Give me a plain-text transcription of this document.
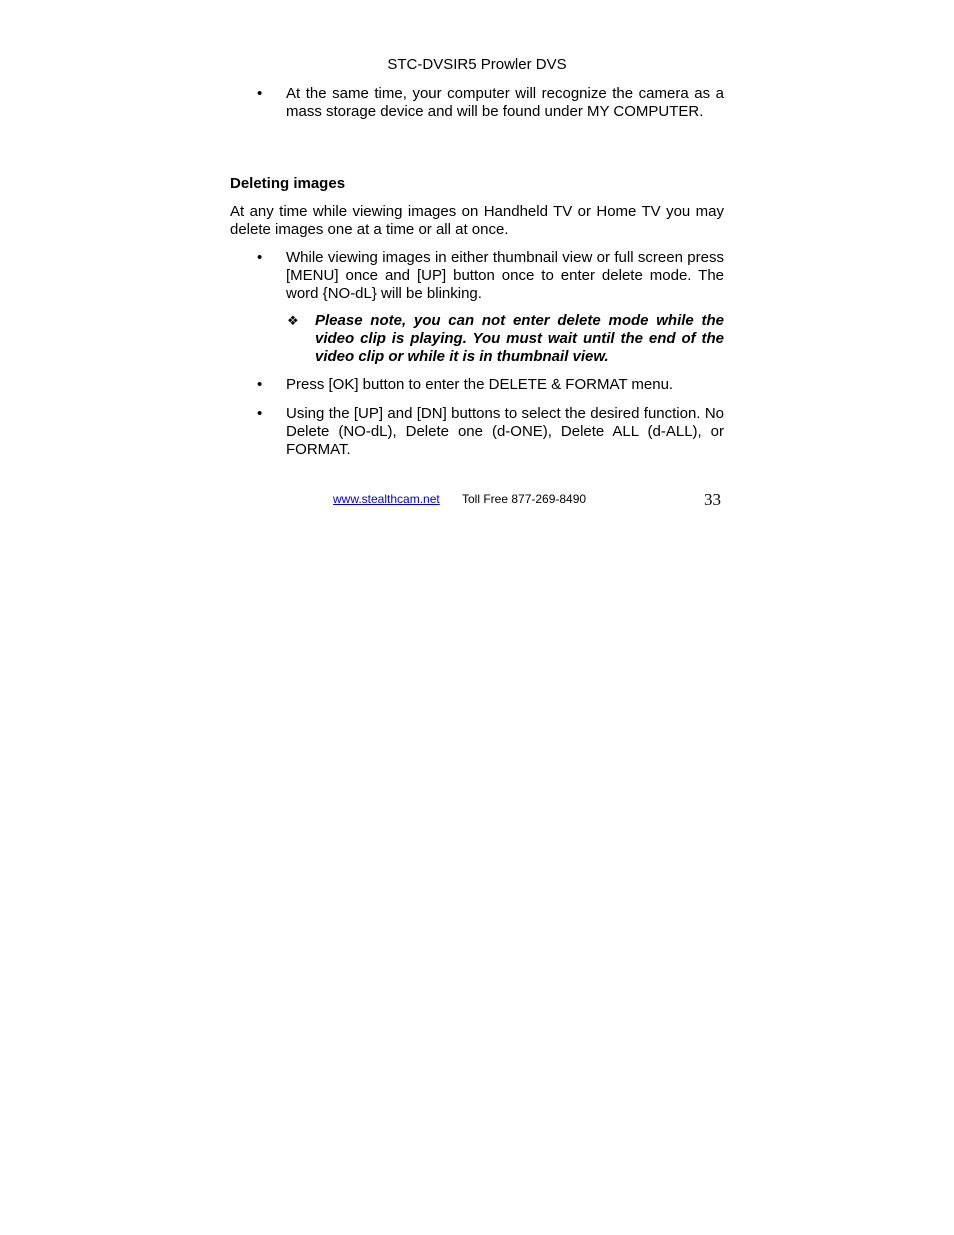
STC-DVSIR5 Prowler DVS
•	At the same time, your computer will recognize the camera as a mass storage device and will be found under MY COMPUTER.
Deleting images
At any time while viewing images on Handheld TV or Home TV you may delete images one at a time or all at once.
•	While viewing images in either thumbnail view or full screen press [MENU] once and [UP] button once to enter delete mode. The word {NO-dL} will be blinking.
❖	Please note, you can not enter delete mode while the video clip is playing. You must wait until the end of the video clip or while it is in thumbnail view.
•	Press [OK] button to enter the DELETE & FORMAT menu.
•	Using the [UP] and [DN] buttons to select the desired function. No Delete (NO-dL), Delete one (d-ONE), Delete ALL (d-ALL), or FORMAT.
www.stealthcam.net Toll Free 877-269-8490	33
